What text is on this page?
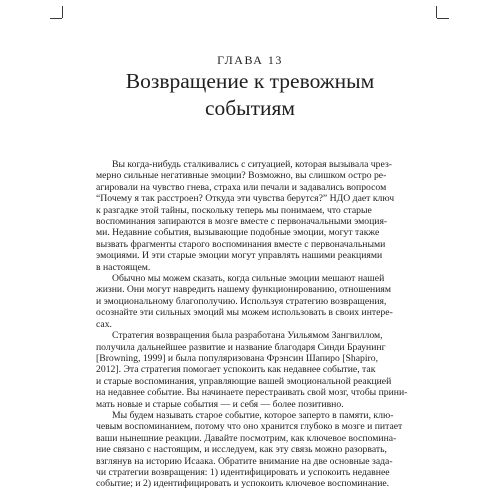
ГЛАВА 13
Возвращение к тревожным
событиям
Вы когда-нибудь сталкивались с ситуацией, которая вызывала чрез-
мерно сильные негативные эмоции? Возможно, вы слишком остро ре-
агировали на чувство гнева, страха или печали и задавались вопросом
“Почему я так расстроен? Откуда эти чувства берутся?” НДО дает ключ
к разгадке этой тайны, поскольку теперь мы понимаем, что старые
воспоминания запираются в мозге вместе с первоначальными эмоция-
ми. Недавние события, вызывающие подобные эмоции, могут также
вызвать фрагменты старого воспоминания вместе с первоначальными
эмоциями. И эти старые эмоции могут управлять нашими реакциями
в настоящем.
Обычно мы можем сказать, когда сильные эмоции мешают нашей
жизни. Они могут навредить нашему функционированию, отношениям
и эмоциональному благополучию. Используя стратегию возвращения,
осознайте эти сильных эмоций мы можем использовать в своих интере-
сах.
Стратегия возвращения была разработана Уильямом Зангвиллом,
получила дальнейшее развитие и название благодаря Синди Браунинг
[Browning, 1999] и была популяризована Фрэнсин Шапиро [Shapiro,
2012]. Эта стратегия помогает успокоить как недавнее событие, так
и старые воспоминания, управляющие вашей эмоциональной реакцией
на недавнее событие. Вы начинаете перестраивать свой мозг, чтобы прини-
мать новые и старые события — и себя — более позитивно.
Мы будем называть старое событие, которое заперто в памяти, клю-
чевым воспоминанием, потому что оно хранится глубоко в мозге и питает
ваши нынешние реакции. Давайте посмотрим, как ключевое воспомина-
ние связано с настоящим, и исследуем, как эту связь можно разорвать,
взглянув на историю Исаака. Обратите внимание на две основные зада-
чи стратегии возвращения: 1) идентифицировать и успокоить недавнее
событие; и 2) идентифицировать и успокоить ключевое воспоминание.
